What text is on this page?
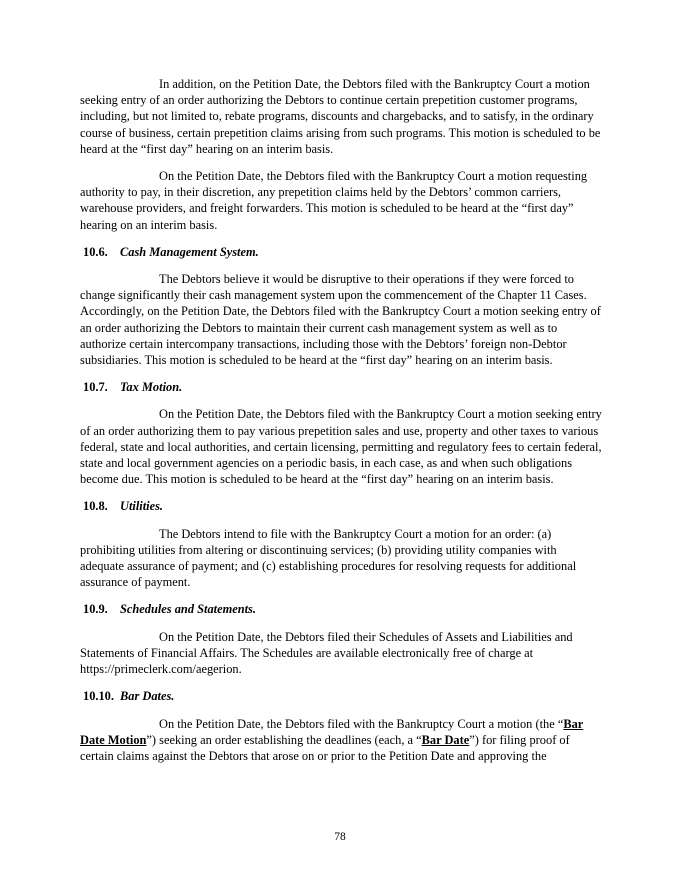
In addition, on the Petition Date, the Debtors filed with the Bankruptcy Court a motion seeking entry of an order authorizing the Debtors to continue certain prepetition customer programs, including, but not limited to, rebate programs, discounts and chargebacks, and to satisfy, in the ordinary course of business, certain prepetition claims arising from such programs. This motion is scheduled to be heard at the “first day” hearing on an interim basis.

On the Petition Date, the Debtors filed with the Bankruptcy Court a motion requesting authority to pay, in their discretion, any prepetition claims held by the Debtors’ common carriers, warehouse providers, and freight forwarders. This motion is scheduled to be heard at the “first day” hearing on an interim basis.

10.6. Cash Management System.

The Debtors believe it would be disruptive to their operations if they were forced to change significantly their cash management system upon the commencement of the Chapter 11 Cases. Accordingly, on the Petition Date, the Debtors filed with the Bankruptcy Court a motion seeking entry of an order authorizing the Debtors to maintain their current cash management system as well as to authorize certain intercompany transactions, including those with the Debtors’ foreign non-Debtor subsidiaries. This motion is scheduled to be heard at the “first day” hearing on an interim basis.

10.7. Tax Motion.

On the Petition Date, the Debtors filed with the Bankruptcy Court a motion seeking entry of an order authorizing them to pay various prepetition sales and use, property and other taxes to various federal, state and local authorities, and certain licensing, permitting and regulatory fees to certain federal, state and local government agencies on a periodic basis, in each case, as and when such obligations become due. This motion is scheduled to be heard at the “first day” hearing on an interim basis.

10.8. Utilities.

The Debtors intend to file with the Bankruptcy Court a motion for an order: (a) prohibiting utilities from altering or discontinuing services; (b) providing utility companies with adequate assurance of payment; and (c) establishing procedures for resolving requests for additional assurance of payment.

10.9. Schedules and Statements.

On the Petition Date, the Debtors filed their Schedules of Assets and Liabilities and Statements of Financial Affairs. The Schedules are available electronically free of charge at https://primeclerk.com/aegerion.

10.10. Bar Dates.

On the Petition Date, the Debtors filed with the Bankruptcy Court a motion (the “Bar Date Motion”) seeking an order establishing the deadlines (each, a “Bar Date”) for filing proof of certain claims against the Debtors that arose on or prior to the Petition Date and approving the

78
